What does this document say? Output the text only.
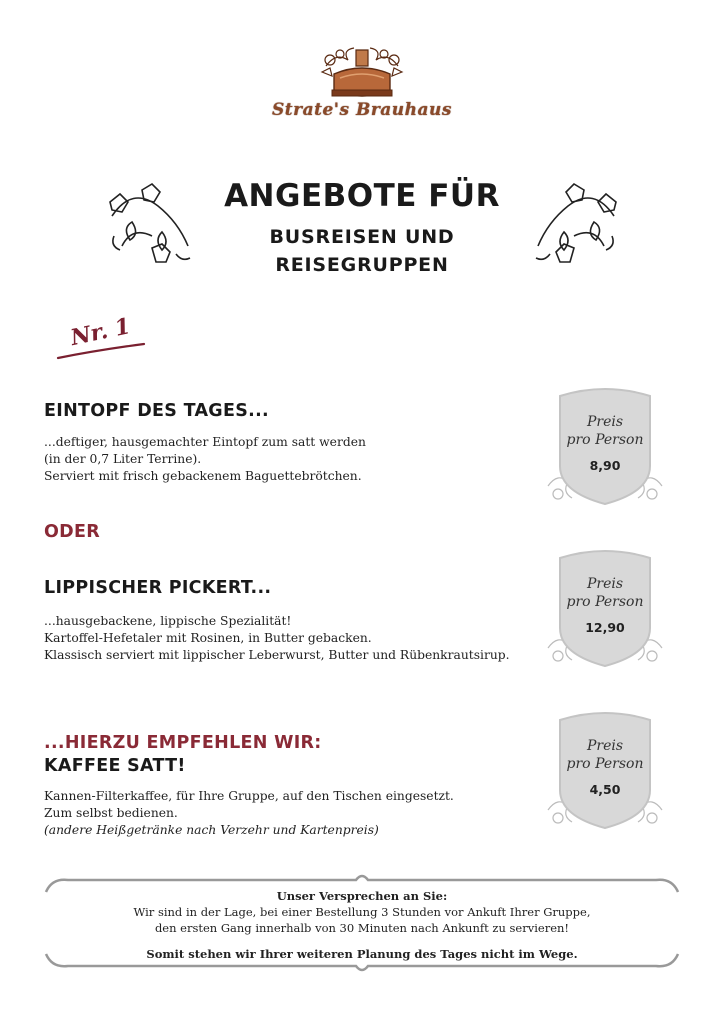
Strate's Brauhaus
ANGEBOTE FÜR
BUSREISEN UND
REISEGRUPPEN
Nr. 1
EINTOPF DES TAGES...
...deftiger, hausgemachter Eintopf zum satt werden
(in der 0,7 Liter Terrine).
Serviert mit frisch gebackenem Baguettebrötchen.
Preis
pro Person
8,90
ODER
LIPPISCHER PICKERT...
...hausgebackene, lippische Spezialität!
Kartoffel-Hefetaler mit Rosinen, in Butter gebacken.
Klassisch serviert mit lippischer Leberwurst, Butter und Rübenkrautsirup.
Preis
pro Person
12,90
...HIERZU EMPFEHLEN WIR:
KAFFEE SATT!
Kannen-Filterkaffee, für Ihre Gruppe, auf den Tischen eingesetzt.
Zum selbst bedienen.
(andere Heißgetränke nach Verzehr und Kartenpreis)
Preis
pro Person
4,50
Unser Versprechen an Sie:
Wir sind in der Lage, bei einer Bestellung 3 Stunden vor Ankuft Ihrer Gruppe,
den ersten Gang innerhalb von 30 Minuten nach Ankunft zu servieren!
Somit stehen wir Ihrer weiteren Planung des Tages nicht im Wege.
